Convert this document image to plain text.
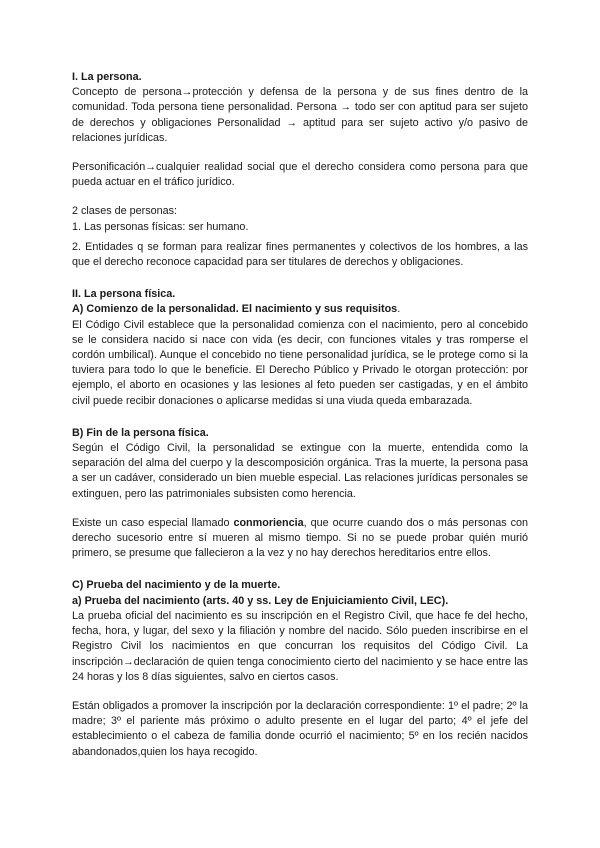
I. La persona.

Concepto de persona→protección y defensa de la persona y de sus fines dentro de la comunidad. Toda persona tiene personalidad. Persona → todo ser con aptitud para ser sujeto de derechos y obligaciones Personalidad → aptitud para ser sujeto activo y/o pasivo de relaciones jurídicas.

Personificación→cualquier realidad social que el derecho considera como persona para que pueda actuar en el tráfico jurídico.

2 clases de personas:

1. Las personas físicas: ser humano.

2. Entidades q se forman para realizar fines permanentes y colectivos de los hombres, a las que el derecho reconoce capacidad para ser titulares de derechos y obligaciones.

II. La persona física.

A) Comienzo de la personalidad. El nacimiento y sus requisitos.

El Código Civil establece que la personalidad comienza con el nacimiento, pero al concebido se le considera nacido si nace con vida (es decir, con funciones vitales y tras romperse el cordón umbilical). Aunque el concebido no tiene personalidad jurídica, se le protege como si la tuviera para todo lo que le beneficie. El Derecho Público y Privado le otorgan protección: por ejemplo, el aborto en ocasiones y las lesiones al feto pueden ser castigadas, y en el ámbito civil puede recibir donaciones o aplicarse medidas si una viuda queda embarazada.

B) Fin de la persona física.

Según el Código Civil, la personalidad se extingue con la muerte, entendida como la separación del alma del cuerpo y la descomposición orgánica. Tras la muerte, la persona pasa a ser un cadáver, considerado un bien mueble especial. Las relaciones jurídicas personales se extinguen, pero las patrimoniales subsisten como herencia.

Existe un caso especial llamado conmoriencia, que ocurre cuando dos o más personas con derecho sucesorio entre sí mueren al mismo tiempo. Si no se puede probar quién murió primero, se presume que fallecieron a la vez y no hay derechos hereditarios entre ellos.

C) Prueba del nacimiento y de la muerte.

a) Prueba del nacimiento (arts. 40 y ss. Ley de Enjuiciamiento Civil, LEC).

La prueba oficial del nacimiento es su inscripción en el Registro Civil, que hace fe del hecho, fecha, hora, y lugar, del sexo y la filiación y nombre del nacido. Sólo pueden inscribirse en el Registro Civil los nacimientos en que concurran los requisitos del Código Civil. La inscripción→declaración de quien tenga conocimiento cierto del nacimiento y se hace entre las 24 horas y los 8 días siguientes, salvo en ciertos casos.

Están obligados a promover la inscripción por la declaración correspondiente: 1º el padre; 2º la madre; 3º el pariente más próximo o adulto presente en el lugar del parto; 4º el jefe del establecimiento o el cabeza de familia donde ocurrió el nacimiento; 5º en los recién nacidos abandonados,quien los haya recogido.
